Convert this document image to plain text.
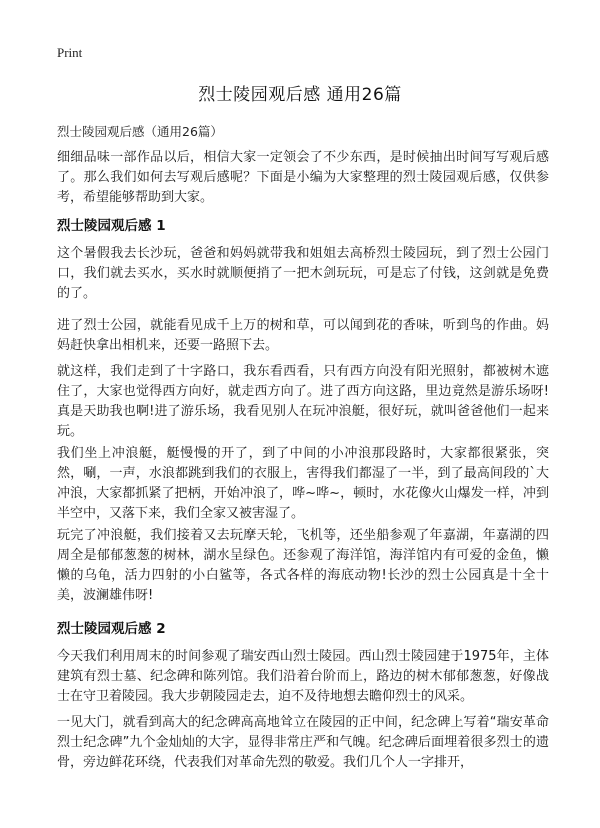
Print
烈士陵园观后感 通用26篇
烈士陵园观后感（通用26篇）
细细品味一部作品以后，相信大家一定领会了不少东西，是时候抽出时间写写观后感了。那么我们如何去写观后感呢？下面是小编为大家整理的烈士陵园观后感，仅供参考，希望能够帮助到大家。
烈士陵园观后感 1
这个暑假我去长沙玩，爸爸和妈妈就带我和姐姐去高桥烈士陵园玩，到了烈士公园门口，我们就去买水，买水时就顺便捎了一把木剑玩玩，可是忘了付钱，这剑就是免费的了。
进了烈士公园，就能看见成千上万的树和草，可以闻到花的香味，听到鸟的作曲。妈妈赶快拿出相机来，还要一路照下去。
就这样，我们走到了十字路口，我东看西看，只有西方向没有阳光照射，都被树木遮住了，大家也觉得西方向好，就走西方向了。进了西方向这路，里边竟然是游乐场呀!真是天助我也啊!进了游乐场，我看见别人在玩冲浪艇，很好玩，就叫爸爸他们一起来玩。
我们坐上冲浪艇，艇慢慢的开了，到了中间的小冲浪那段路时，大家都很紧张，突然，唰，一声，水浪都跳到我们的衣服上，害得我们都湿了一半，到了最高间段的`大冲浪，大家都抓紧了把柄，开始冲浪了，哗~哗~，顿时，水花像火山爆发一样，冲到半空中，又落下来，我们全家又被害湿了。
玩完了冲浪艇，我们接着又去玩摩天轮，飞机等，还坐船参观了年嘉湖，年嘉湖的四周全是郁郁葱葱的树林，湖水呈绿色。还参观了海洋馆，海洋馆内有可爱的金鱼，懒懒的乌龟，活力四射的小白鲨等，各式各样的海底动物!长沙的烈士公园真是十全十美，波澜雄伟呀!
烈士陵园观后感 2
今天我们利用周末的时间参观了瑞安西山烈士陵园。西山烈士陵园建于1975年，主体建筑有烈士墓、纪念碑和陈列馆。我们沿着台阶而上，路边的树木郁郁葱葱，好像战士在守卫着陵园。我大步朝陵园走去，迫不及待地想去瞻仰烈士的风采。
一见大门，就看到高大的纪念碑高高地耸立在陵园的正中间，纪念碑上写着“瑞安革命烈士纪念碑”九个金灿灿的大字，显得非常庄严和气魄。纪念碑后面埋着很多烈士的遗骨，旁边鲜花环绕，代表我们对革命先烈的敬爱。我们几个人一字排开，
